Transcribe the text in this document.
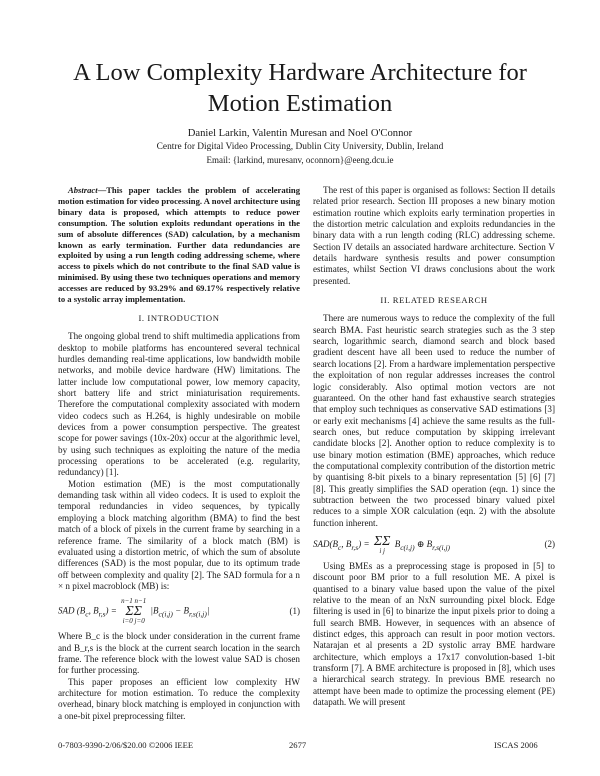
A Low Complexity Hardware Architecture for
Motion Estimation
Daniel Larkin, Valentin Muresan and Noel O'Connor
Centre for Digital Video Processing, Dublin City University, Dublin, Ireland
Email: {larkind, muresanv, oconnorn}@eeng.dcu.ie

Abstract—This paper tackles the problem of accelerating motion estimation for video processing. A novel architecture using binary data is proposed, which attempts to reduce power consumption. The solution exploits redundant operations in the sum of absolute differences (SAD) calculation, by a mechanism known as early termination. Further data redundancies are exploited by using a run length coding addressing scheme, where access to pixels which do not contribute to the final SAD value is minimised. By using these two techniques operations and memory accesses are reduced by 93.29% and 69.17% respectively relative to a systolic array implementation.

I. INTRODUCTION

The ongoing global trend to shift multimedia applications from desktop to mobile platforms has encountered several technical hurdles demanding real-time applications, low bandwidth mobile networks, and mobile device hardware (HW) limitations. The latter include low computational power, low memory capacity, short battery life and strict miniaturisation requirements. Therefore the computational complexity associated with modern video codecs such as H.264, is highly undesirable on mobile devices from a power consumption perspective. The greatest scope for power savings (10x-20x) occur at the algorithmic level, by using such techniques as exploiting the nature of the media processing operations to be accelerated (e.g. regularity, redundancy) [1].

Motion estimation (ME) is the most computationally demanding task within all video codecs. It is used to exploit the temporal redundancies in video sequences, by typically employing a block matching algorithm (BMA) to find the best match of a block of pixels in the current frame by searching in a reference frame. The similarity of a block match (BM) is evaluated using a distortion metric, of which the sum of absolute differences (SAD) is the most popular, due to its optimum trade off between complexity and quality [2]. The SAD formula for a n × n pixel macroblock (MB) is:

SAD ($B_c$, $B_{r,s}$) =
n−1 n−1
ΣΣ
i=0 j=0
$|B_{c(i,j)} - B_{r,s(i,j)}|$	(1)

Where B_c is the block under consideration in the current frame and B_r,s is the block at the current search location in the search frame. The reference block with the lowest value SAD is chosen for further processing.

This paper proposes an efficient low complexity HW architecture for motion estimation. To reduce the complexity overhead, binary block matching is employed in conjunction with a one-bit pixel preprocessing filter.

The rest of this paper is organised as follows: Section II details related prior research. Section III proposes a new binary motion estimation routine which exploits early termination properties in the distortion metric calculation and exploits redundancies in the binary data with a run length coding (RLC) addressing scheme. Section IV details an associated hardware architecture. Section V details hardware synthesis results and power consumption estimates, whilst Section VI draws conclusions about the work presented.

II. RELATED RESEARCH

There are numerous ways to reduce the complexity of the full search BMA. Fast heuristic search strategies such as the 3 step search, logarithmic search, diamond search and block based gradient descent have all been used to reduce the number of search locations [2]. From a hardware implementation perspective the exploitation of non regular addresses increases the control logic considerably. Also optimal motion vectors are not guaranteed. On the other hand fast exhaustive search strategies that employ such techniques as conservative SAD estimations [3] or early exit mechanisms [4] achieve the same results as the full-search ones, but reduce computation by skipping irrelevant candidate blocks [2]. Another option to reduce complexity is to use binary motion estimation (BME) approaches, which reduce the computational complexity contribution of the distortion metric by quantising 8-bit pixels to a binary representation [5] [6] [7] [8]. This greatly simplifies the SAD operation (eqn. 1) since the subtraction between the two processed binary valued pixel reduces to a simple XOR calculation (eqn. 2) with the absolute function inherent.

$SAD(B_c$, $B_{r,s}) = \Sigma\Sigma$
i j
$B_{c(i,j)}$ ⊕ $B_{r,s(i,j)}$	(2)

Using BMEs as a preprocessing stage is proposed in [5] to discount poor BM prior to a full resolution ME. A pixel is quantised to a binary value based upon the value of the pixel relative to the mean of an NxN surrounding pixel block. Edge filtering is used in [6] to binarize the input pixels prior to doing a full search BMB. However, in sequences with an absence of distinct edges, this approach can result in poor motion vectors. Natarajan et al presents a 2D systolic array BME hardware architecture, which employs a 17x17 convolution-based 1-bit transform [7]. A BME architecture is proposed in [8], which uses a hierarchical search strategy. In previous BME research no attempt have been made to optimize the processing element (PE) datapath. We will present

0-7803-9390-2/06/$20.00 ©2006 IEEE	2677	ISCAS 2006
